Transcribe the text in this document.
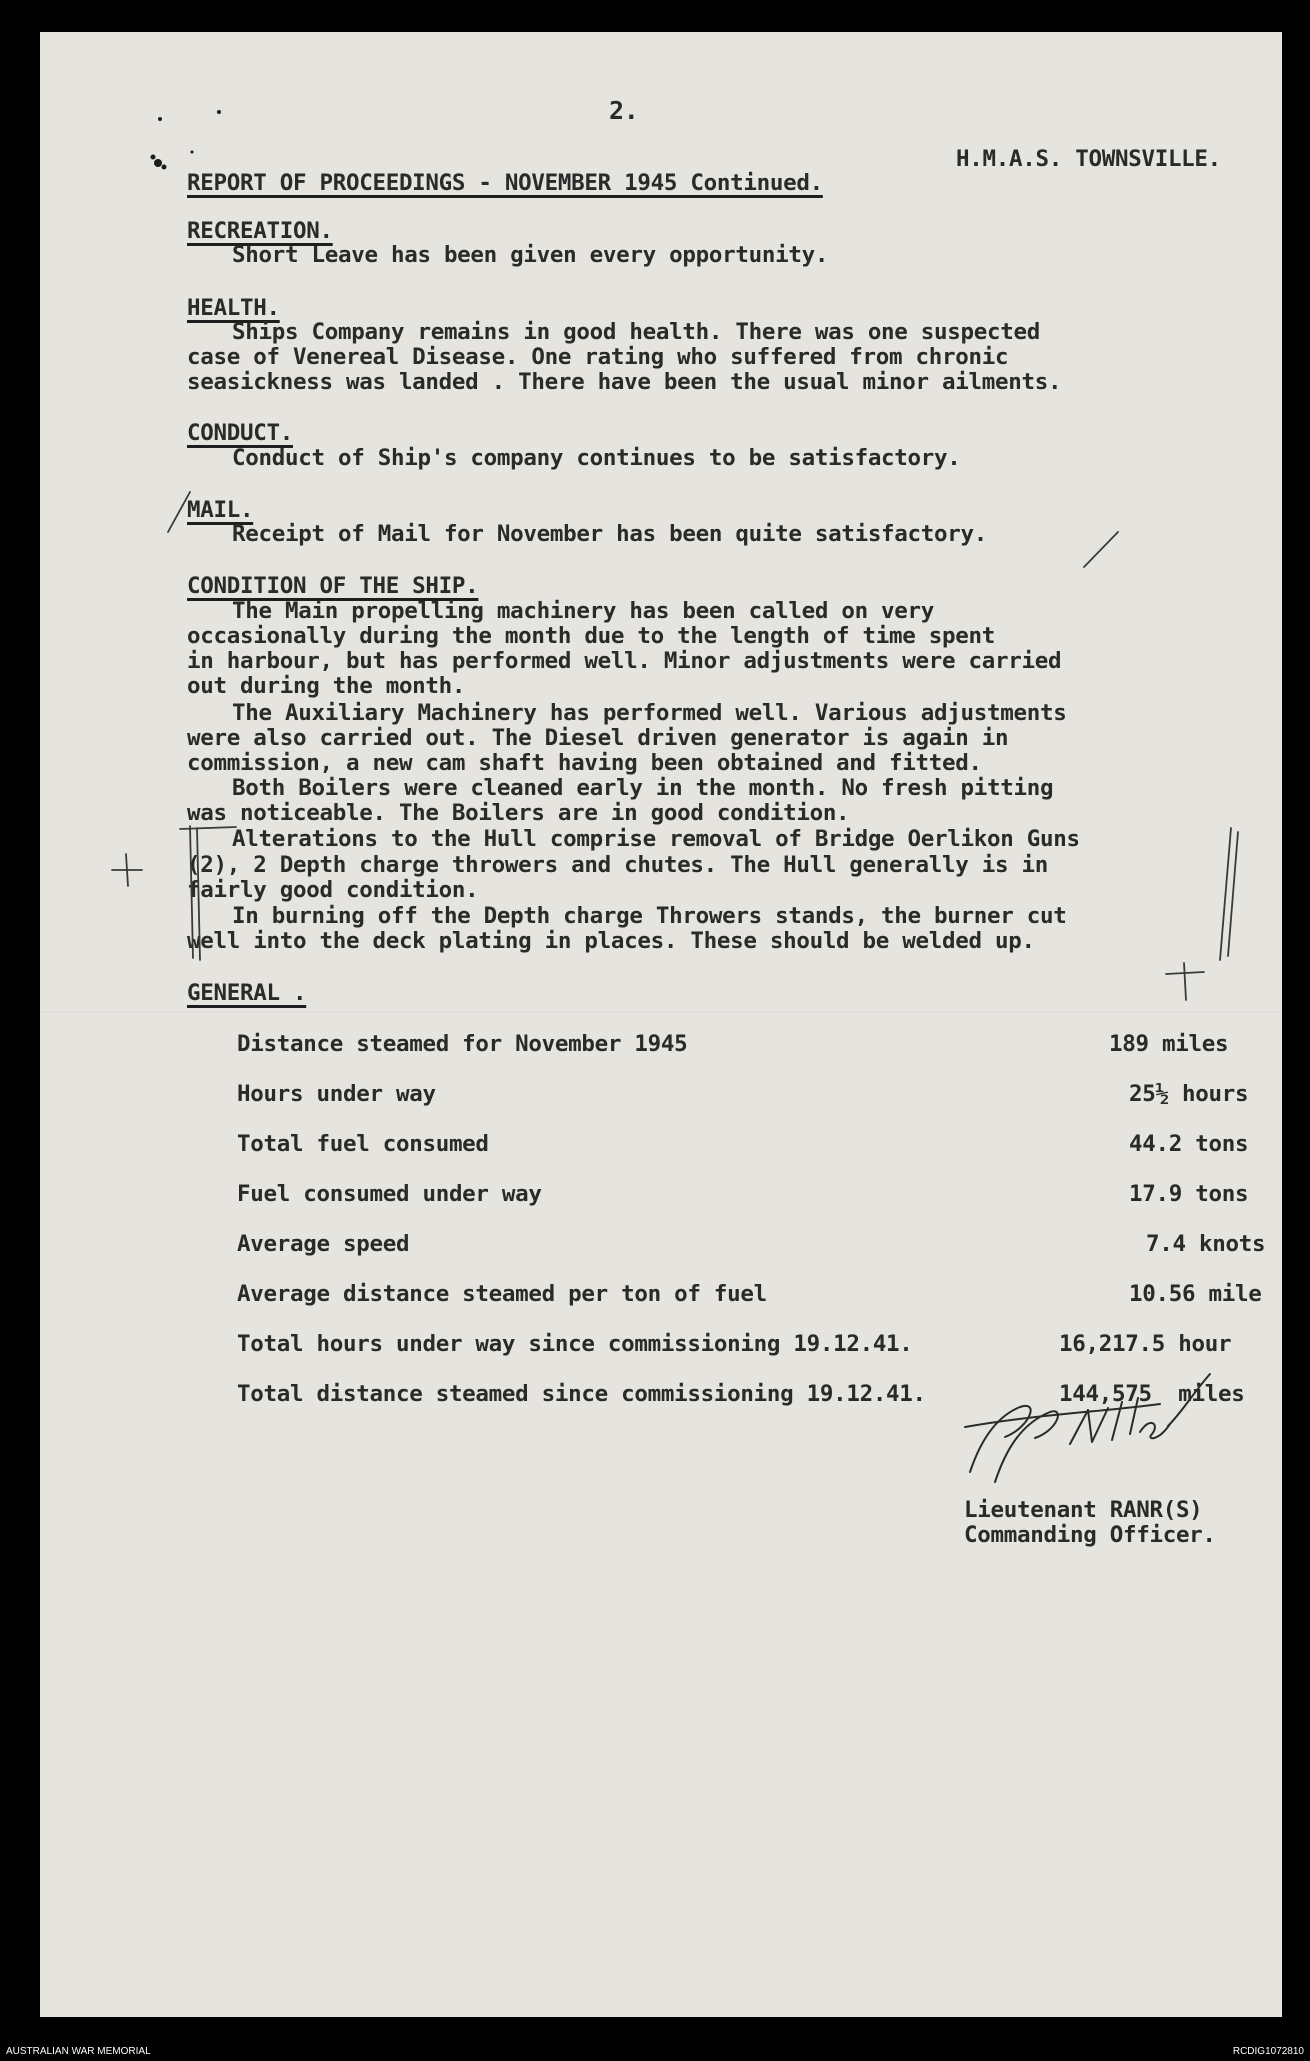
2.
H.M.A.S. TOWNSVILLE.
REPORT OF PROCEEDINGS - NOVEMBER 1945 Continued.
RECREATION.
Short Leave has been given every opportunity.
HEALTH.
Ships Company remains in good health. There was one suspected
case of Venereal Disease. One rating who suffered from chronic
seasickness was landed . There have been the usual minor ailments.
CONDUCT.
Conduct of Ship's company continues to be satisfactory.
MAIL.
Receipt of Mail for November has been quite satisfactory.
CONDITION OF THE SHIP.
The Main propelling machinery has been called on very
occasionally during the month due to the length of time spent
in harbour, but has performed well. Minor adjustments were carried
out during the month.
The Auxiliary Machinery has performed well. Various adjustments
were also carried out. The Diesel driven generator is again in
commission, a new cam shaft having been obtained and fitted.
Both Boilers were cleaned early in the month. No fresh pitting
was noticeable. The Boilers are in good condition.
Alterations to the Hull comprise removal of Bridge Oerlikon Guns
(2), 2 Depth charge throwers and chutes. The Hull generally is in
fairly good condition.
In burning off the Depth charge Throwers stands, the burner cut
well into the deck plating in places. These should be welded up.
GENERAL .
Distance steamed for November 1945	189 miles
Hours under way	25½ hours
Total fuel consumed	44.2 tons
Fuel consumed under way	17.9 tons
Average speed	7.4 knots
Average distance steamed per ton of fuel	10.56 mile
Total hours under way since commissioning 19.12.41.	16,217.5 hour
Total distance steamed since commissioning 19.12.41.	144,575  miles
Lieutenant RANR(S)
Commanding Officer.
AUSTRALIAN WAR MEMORIAL	RCDIG1072810
